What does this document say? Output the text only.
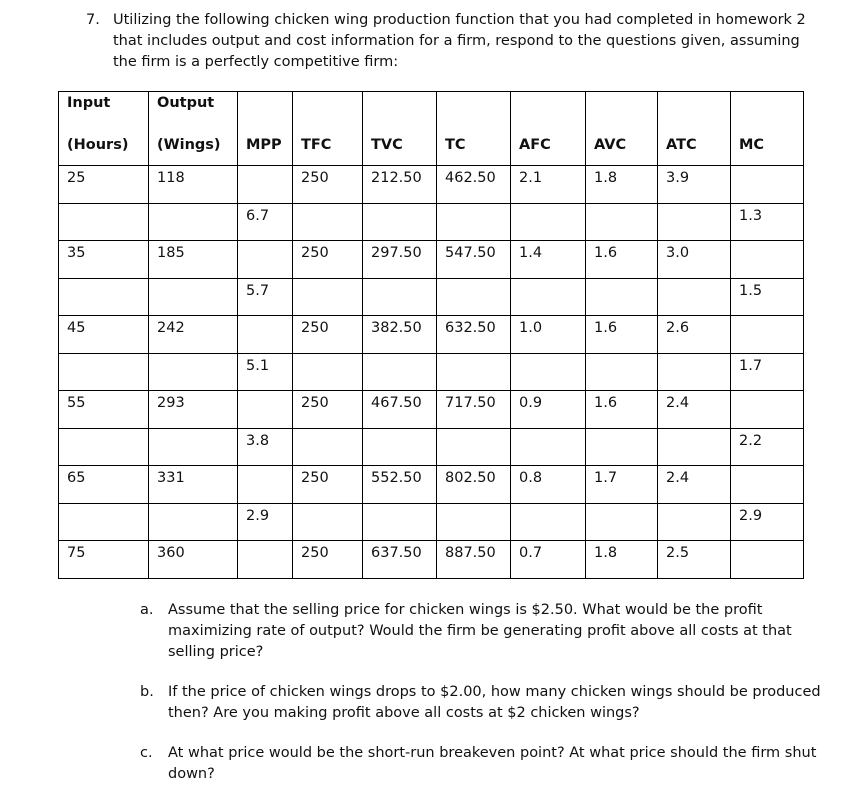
7. Utilizing the following chicken wing production function that you had completed in homework 2 that includes output and cost information for a firm, respond to the questions given, assuming the firm is a perfectly competitive firm:
Input	Output								
(Hours)	(Wings)	MPP	TFC	TVC	TC	AFC	AVC	ATC	MC
25	118		250	212.50	462.50	2.1	1.8	3.9	
		6.7							1.3
35	185		250	297.50	547.50	1.4	1.6	3.0	
		5.7							1.5
45	242		250	382.50	632.50	1.0	1.6	2.6	
		5.1							1.7
55	293		250	467.50	717.50	0.9	1.6	2.4	
		3.8							2.2
65	331		250	552.50	802.50	0.8	1.7	2.4	
		2.9							2.9
75	360		250	637.50	887.50	0.7	1.8	2.5	
a.	Assume that the selling price for chicken wings is $2.50. What would be the profit maximizing rate of output? Would the firm be generating profit above all costs at that selling price?
b. If the price of chicken wings drops to $2.00, how many chicken wings should be produced then? Are you making profit above all costs at $2 chicken wings?
c.	At what price would be the short-run breakeven point? At what price should the firm shut down?
